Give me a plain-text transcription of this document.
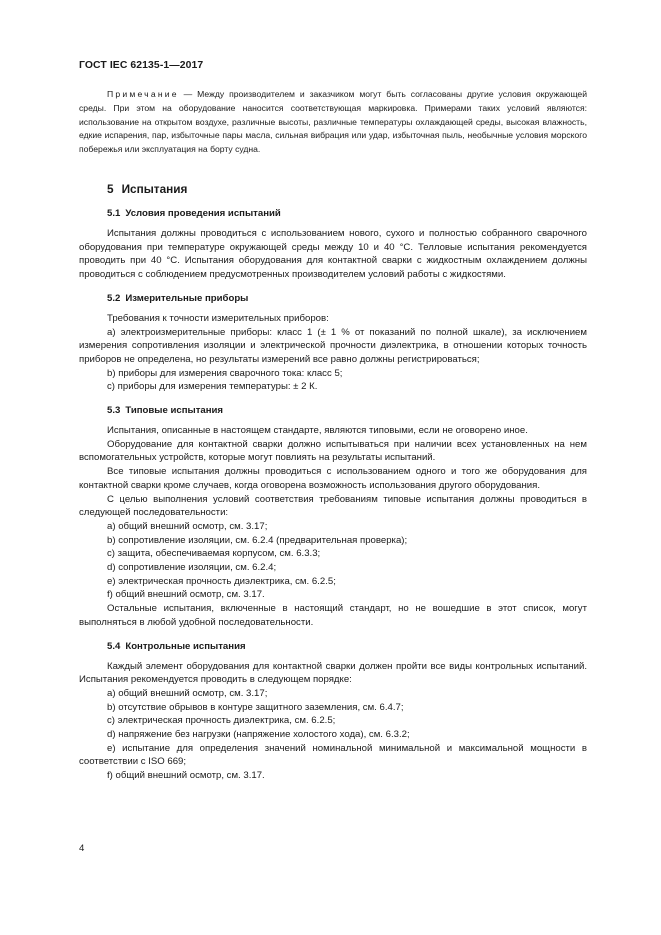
ГОСТ IEC 62135-1—2017

Примечание — Между производителем и заказчиком могут быть согласованы другие условия окружающей среды. При этом на оборудование наносится соответствующая маркировка. Примерами таких условий являются: использование на открытом воздухе, различные высоты, различные температуры охлаждающей среды, высокая влажность, едкие испарения, пар, избыточные пары масла, сильная вибрация или удар, избыточная пыль, необычные условия морского побережья или эксплуатация на борту судна.

5 Испытания
5.1 Условия проведения испытаний

Испытания должны проводиться с использованием нового, сухого и полностью собранного сварочного оборудования при температуре окружающей среды между 10 и 40 °C. Телловые испытания рекомендуется проводить при 40 °C. Испытания оборудования для контактной сварки с жидкостным охлаждением должны проводиться с соблюдением предусмотренных производителем условий работы с жидкостями.

5.2 Измерительные приборы

Требования к точности измерительных приборов:

a) электроизмерительные приборы: класс 1 (± 1 % от показаний по полной шкале), за исключением измерения сопротивления изоляции и электрической прочности диэлектрика, в отношении которых точность приборов не определена, но результаты измерений все равно должны регистрироваться;

b) приборы для измерения сварочного тока: класс 5;

c) приборы для измерения температуры: ± 2 К.

5.3 Типовые испытания

Испытания, описанные в настоящем стандарте, являются типовыми, если не оговорено иное.

Оборудование для контактной сварки должно испытываться при наличии всех установленных на нем вспомогательных устройств, которые могут повлиять на результаты испытаний.

Все типовые испытания должны проводиться с использованием одного и того же оборудования для контактной сварки кроме случаев, когда оговорена возможность использования другого оборудования.

С целью выполнения условий соответствия требованиям типовые испытания должны проводиться в следующей последовательности:

a) общий внешний осмотр, см. 3.17;

b) сопротивление изоляции, см. 6.2.4 (предварительная проверка);

c) защита, обеспечиваемая корпусом, см. 6.3.3;

d) сопротивление изоляции, см. 6.2.4;

e) электрическая прочность диэлектрика, см. 6.2.5;

f) общий внешний осмотр, см. 3.17.

Остальные испытания, включенные в настоящий стандарт, но не вошедшие в этот список, могут выполняться в любой удобной последовательности.

5.4 Контрольные испытания

Каждый элемент оборудования для контактной сварки должен пройти все виды контрольных испытаний. Испытания рекомендуется проводить в следующем порядке:

a) общий внешний осмотр, см. 3.17;

b) отсутствие обрывов в контуре защитного заземления, см. 6.4.7;

c) электрическая прочность диэлектрика, см. 6.2.5;

d) напряжение без нагрузки (напряжение холостого хода), см. 6.3.2;

e) испытание для определения значений номинальной минимальной и максимальной мощности в соответствии с ISO 669;

f) общий внешний осмотр, см. 3.17.

4
